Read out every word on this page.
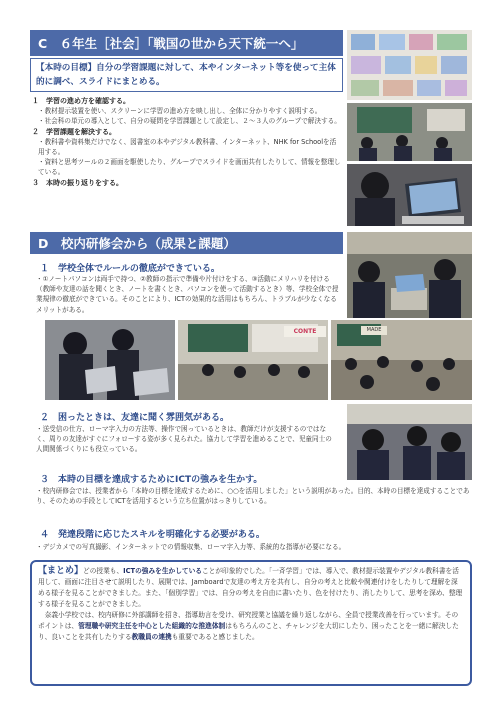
C　６年生［社会］「戦国の世から天下統一へ」
【本時の目標】自分の学習課題に対して、本やインターネット等を使って主体的に調べ、スライドにまとめる。
１　学習の進め方を確認する。
・教材提示装置を使い、スクリーンに学習の進め方を映し出し、全体に分かりやすく説明する。
・社会科の単元の導入として、自分の疑問を学習課題として設定し、２～３人のグループで解決する。
２　学習課題を解決する。
・教科書や資料集だけでなく、図書室の本やデジタル教科書、インターネット、NHK for Schoolを活用する。
・資料と思考ツールの２画面を駆使したり、グループでスライドを画面共有したりして、情報を整理している。
３　本時の振り返りをする。
D　校内研修会から（成果と課題）
１　学校全体でルールの徹底ができている。
・①ノートパソコンは両手で持つ、②教師の指示で準備や片付けをする、③活動にメリハリを付ける（教師や友達の話を聞くとき、ノートを書くとき、パソコンを使って活動するとき）等、学校全体で授業規律の徹底ができている。そのことにより、ICTの効果的な活用はもちろん、トラブルが少なくなるメリットがある。
CONTE	MADE
２　困ったときは、友達に聞く雰囲気がある。
・送受信の仕方、ローマ字入力の方法等、操作で困っているときは、教師だけが支援するのではなく、周りの友達がすぐにフォローする姿が多く見られた。協力して学習を進めることで、児童同士の人間関係づくりにも役立っている。
３　本時の目標を達成するためにICTの強みを生かす。
・校内研修会では、授業者から「本時の目標を達成するために、○○を活用しました」という説明があった。目的、本時の目標を達成することであり、そのための手段としてICTを活用するという立ち位置がはっきりしている。
４　発達段階に応じたスキルを明確化する必要がある。
・デジカメでの写真撮影、インターネットでの情報収集、ローマ字入力等、系統的な指導が必要になる。

【まとめ】どの授業も、ICTの強みを生かしていることが印象的でした。「一斉学習」では、導入で、教材提示装置やデジタル教科書を活用して、画面に注目させて説明したり、展開では、Jamboardで友達の考え方を共有し、自分の考えと比較や関連付けをしたりして理解を深める様子を見ることができました。また、「個別学習」では、自分の考えを自由に書いたり、色を付けたり、消したりして、思考を深め、整理する様子を見ることができました。

奈義小学校では、校内研修に外部講師を招き、指導助言を受け、研究授業と協議を繰り返しながら、全員で授業改善を行っています。そのポイントは、管理職や研究主任を中心とした組織的な推進体制はもちろんのこと、チャレンジを大切にしたり、困ったことを一緒に解決したり、良いことを共有したりする教職員の連携も重要であると感じました。
